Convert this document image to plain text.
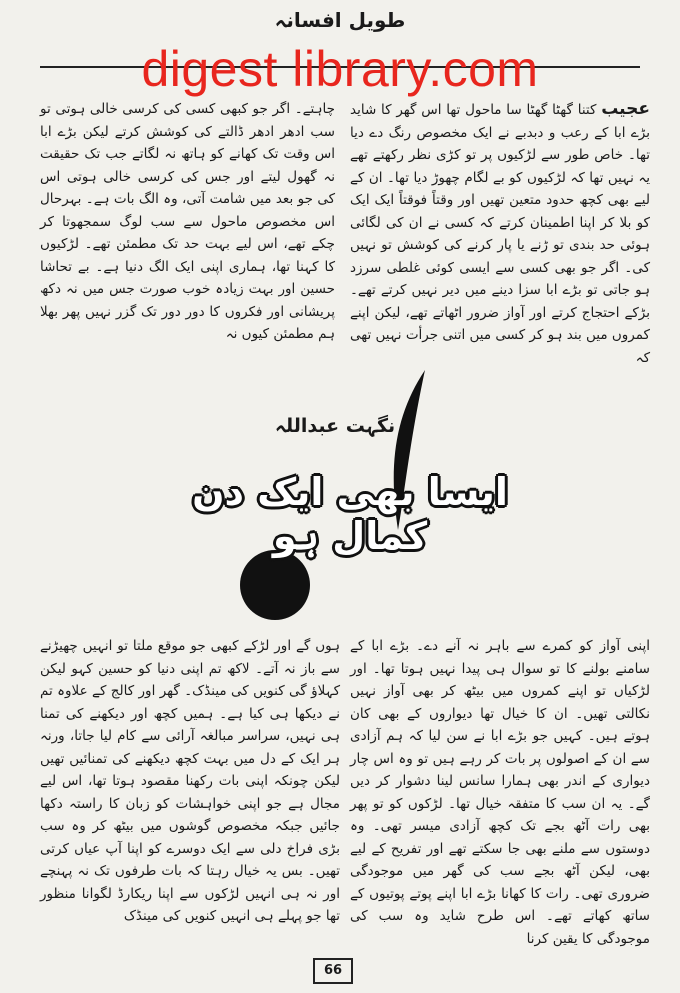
طویل افسانہ
digest library.com

عجیب کتنا گھٹا گھٹا سا ماحول تھا اس گھر کا شاید بڑے ابا کے رعب و دبدبے نے ایک مخصوص رنگ دے دیا تھا۔ خاص طور سے لڑکیوں پر تو کڑی نظر رکھتے تھے یہ نہیں تھا کہ لڑکیوں کو بے لگام چھوڑ دیا تھا۔ ان کے لیے بھی کچھ حدود متعین تھیں اور وقتاً فوقتاً ایک ایک کو بلا کر اپنا اطمینان کرتے کہ کسی نے ان کی لگائی ہوئی حد بندی تو ڑنے یا پار کرنے کی کوشش تو نہیں کی۔ اگر جو بھی کسی سے ایسی کوئی غلطی سرزد ہو جاتی تو بڑے ابا سزا دینے میں دیر نہیں کرتے تھے۔ بڑکے احتجاج کرتے اور آواز ضرور اٹھاتے تھے، لیکن اپنے کمروں میں بند ہو کر کسی میں اتنی جرأت نہیں تھی کہ

چاہتے۔ اگر جو کبھی کسی کی کرسی خالی ہوتی تو سب ادھر ادھر ڈالتے کی کوشش کرتے لیکن بڑے ابا اس وقت تک کھانے کو ہاتھ نہ لگاتے جب تک حقیقت نہ گھول لیتے اور جس کی کرسی خالی ہوتی اس کی جو بعد میں شامت آتی، وہ الگ بات ہے۔ بہرحال اس مخصوص ماحول سے سب لوگ سمجھوتا کر چکے تھے، اس لیے بہت حد تک مطمئن تھے۔ لڑکیوں کا کہنا تھا، ہماری اپنی ایک الگ دنیا ہے۔ بے تحاشا حسین اور بہت زیادہ خوب صورت جس میں نہ دکھ پریشانی اور فکروں کا دور دور تک گزر نہیں پھر بھلا ہم مطمئن کیوں نہ

نگہت عبداللہ
ایسا بھی ایک دن کمال ہو

اپنی آواز کو کمرے سے باہر نہ آنے دے۔ بڑے ابا کے سامنے بولنے کا تو سوال ہی پیدا نہیں ہوتا تھا۔ اور لڑکیاں تو اپنے کمروں میں بیٹھ کر بھی آواز نہیں نکالتی تھیں۔ ان کا خیال تھا دیواروں کے بھی کان ہوتے ہیں۔ کہیں جو بڑے ابا نے سن لیا کہ ہم آزادی سے ان کے اصولوں پر بات کر رہے ہیں تو وہ اس چار دیواری کے اندر بھی ہمارا سانس لینا دشوار کر دیں گے۔ یہ ان سب کا متفقہ خیال تھا۔ لڑکوں کو تو پھر بھی رات آٹھ بجے تک کچھ آزادی میسر تھی۔ وہ دوستوں سے ملنے بھی جا سکتے تھے اور تفریح کے لیے بھی، لیکن آٹھ بجے سب کی گھر میں موجودگی ضروری تھی۔ رات کا کھانا بڑے ابا اپنے پوتے پوتیوں کے ساتھ کھاتے تھے۔ اس طرح شاید وہ سب کی موجودگی کا یقین کرنا

ہوں گے اور لڑکے کبھی جو موقع ملتا تو انہیں چھیڑنے سے باز نہ آتے۔ لاکھ تم اپنی دنیا کو حسین کہو لیکن کہلاؤ گی کنویں کی مینڈک۔ گھر اور کالج کے علاوہ تم نے دیکھا ہی کیا ہے۔ ہمیں کچھ اور دیکھنے کی تمنا ہی نہیں، سراسر مبالغہ آرائی سے کام لیا جاتا، ورنہ ہر ایک کے دل میں بہت کچھ دیکھنے کی تمنائیں تھیں لیکن چونکہ اپنی بات رکھنا مقصود ہوتا تھا، اس لیے مجال ہے جو اپنی خواہشات کو زبان کا راستہ دکھا جائیں جبکہ مخصوص گوشوں میں بیٹھ کر وہ سب بڑی فراخ دلی سے ایک دوسرے کو اپنا آپ عیاں کرتی تھیں۔ بس یہ خیال رہتا کہ بات طرفوں تک نہ پہنچے اور نہ ہی انہیں لڑکوں سے اپنا ریکارڈ لگوانا منظور تھا جو پہلے ہی انہیں کنویں کی مینڈک

66
